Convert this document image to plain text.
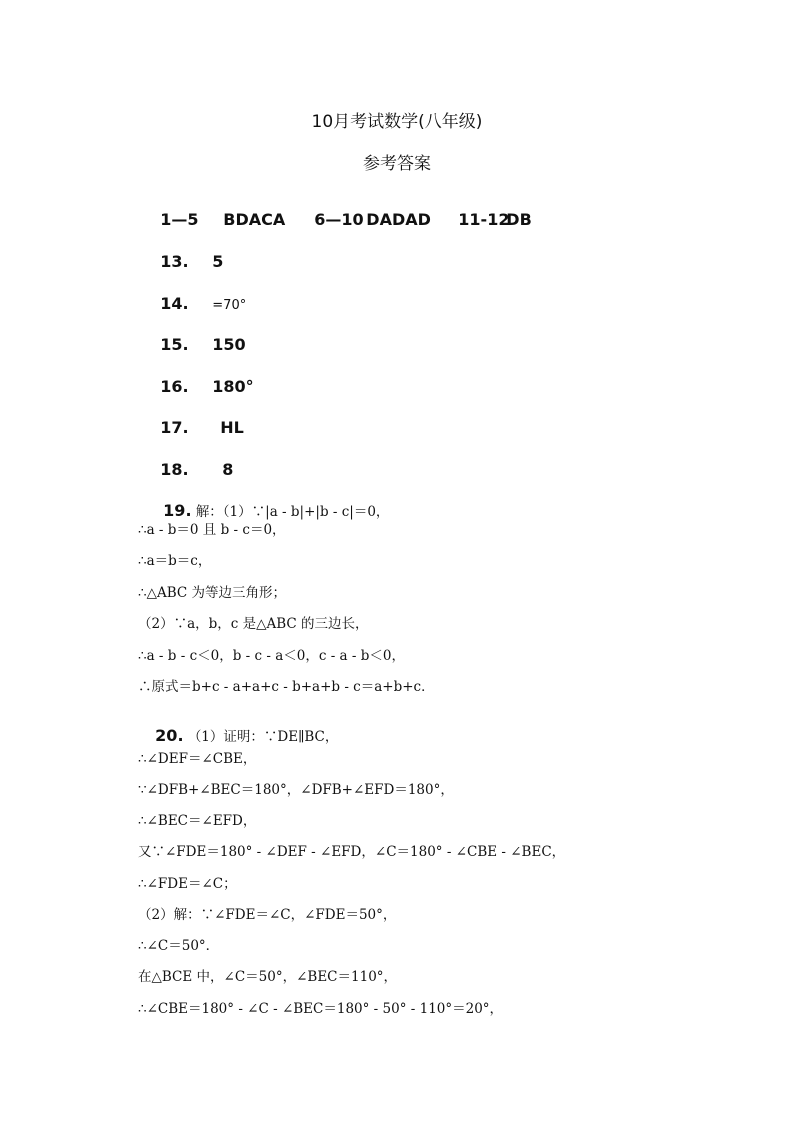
10月考试数学(八年级)
参考答案

1—5 BDACA 6—10 DADAD 11-12DB

13. 5

14. =70°

15. 150

16. 180°

17. HL

18. 8

19. 解：（1）∵|a - b|+|b - c|＝0，

∴a - b＝0 且 b - c＝0，
∴a＝b＝c，
∴△ABC 为等边三角形；
（2）∵a，b，c 是△ABC 的三边长，
∴a - b - c＜0，b - c - a＜0，c - a - b＜0，
∴原式＝b+c - a+a+c - b+a+b - c＝a+b+c．

20. （1）证明：∵DE∥BC，

∴∠DEF＝∠CBE，
∵∠DFB+∠BEC＝180°，∠DFB+∠EFD＝180°，
∴∠BEC＝∠EFD，
又∵∠FDE＝180° - ∠DEF - ∠EFD，∠C＝180° - ∠CBE - ∠BEC，
∴∠FDE＝∠C；
（2）解：∵∠FDE＝∠C，∠FDE＝50°，
∴∠C＝50°．
在△BCE 中，∠C＝50°，∠BEC＝110°，
∴∠CBE＝180° - ∠C - ∠BEC＝180° - 50° - 110°＝20°，
